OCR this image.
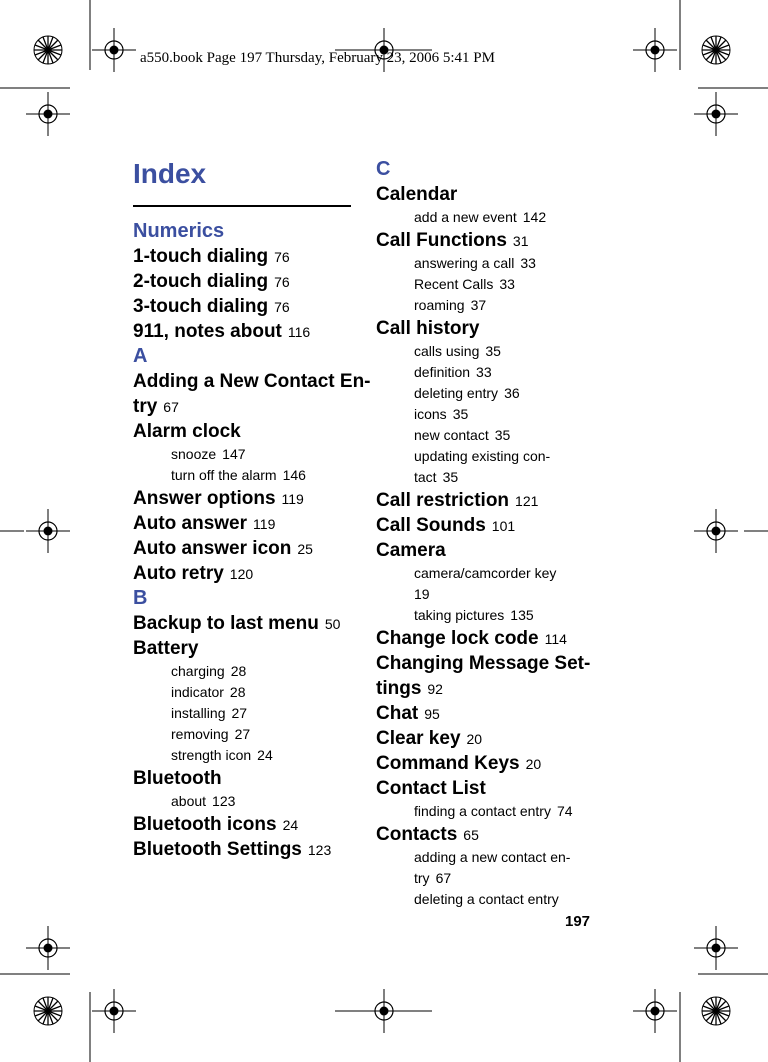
a550.book Page 197 Thursday, February 23, 2006 5:41 PM
Index
Numerics
1-touch dialing 76
2-touch dialing 76
3-touch dialing 76
911, notes about 116
A
Adding a New Contact En-
try 67
Alarm clock
snooze 147
turn off the alarm 146
Answer options 119
Auto answer 119
Auto answer icon 25
Auto retry 120
B
Backup to last menu 50
Battery
charging 28
indicator 28
installing 27
removing 27
strength icon 24
Bluetooth
about 123
Bluetooth icons 24
Bluetooth Settings 123
C
Calendar
add a new event 142
Call Functions 31
answering a call 33
Recent Calls 33
roaming 37
Call history
calls using 35
definition 33
deleting entry 36
icons 35
new contact 35
updating existing con-
tact 35
Call restriction 121
Call Sounds 101
Camera
camera/camcorder key
19
taking pictures 135
Change lock code 114
Changing Message Set-
tings 92
Chat 95
Clear key 20
Command Keys 20
Contact List
finding a contact entry 74
Contacts 65
adding a new contact en-
try 67
deleting a contact entry
197
